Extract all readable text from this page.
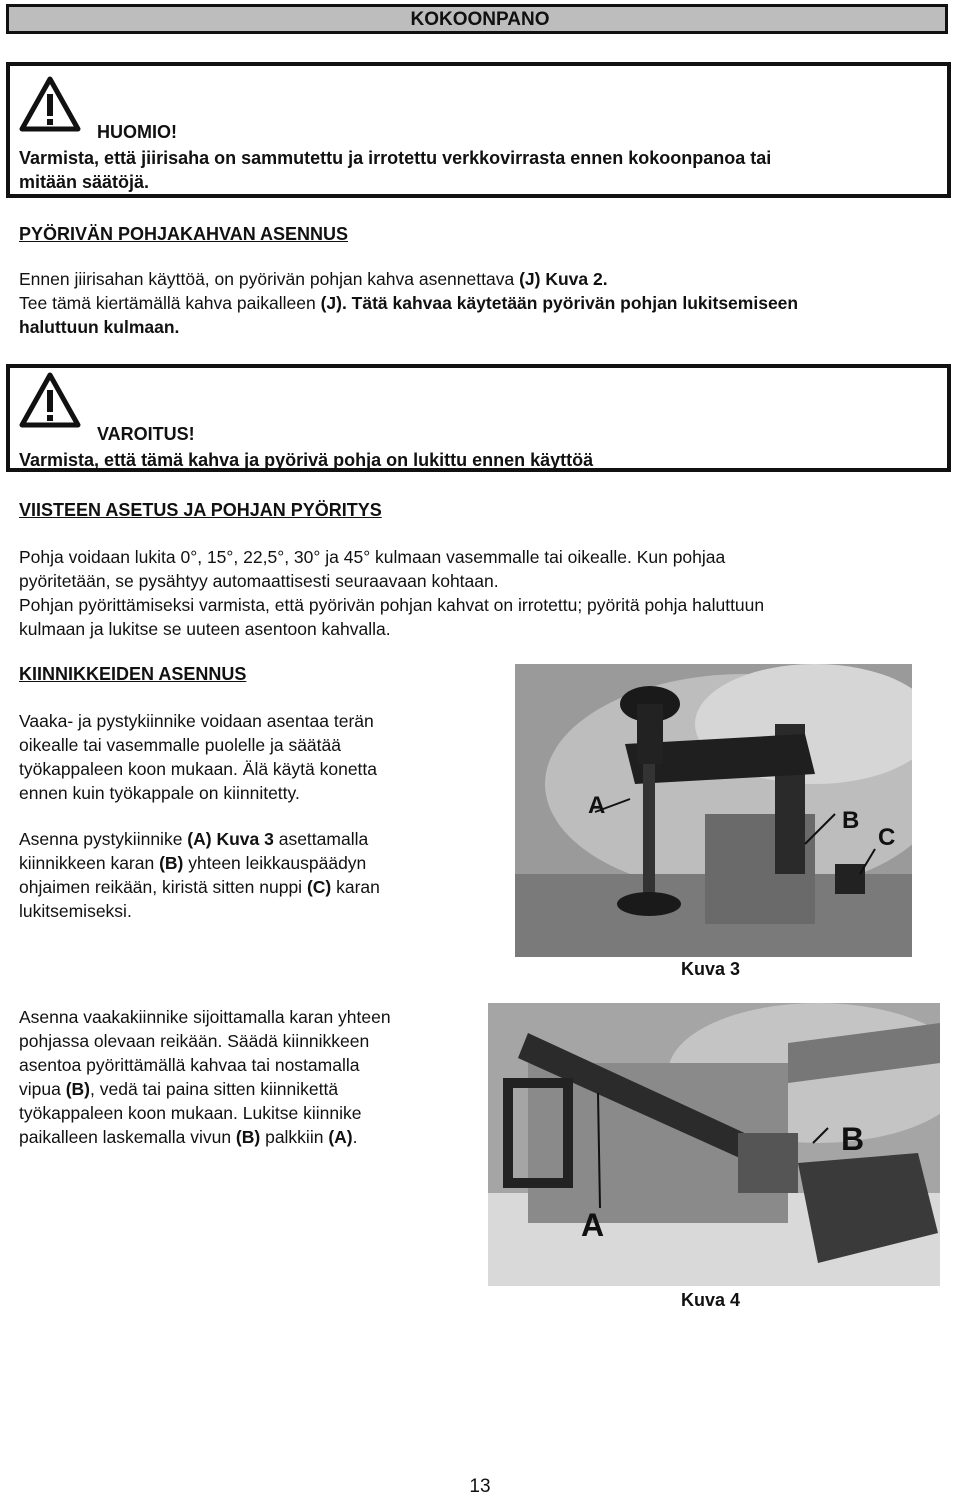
KOKOONPANO
HUOMIO!
Varmista, että jiirisaha on sammutettu ja irrotettu verkkovirrasta ennen kokoonpanoa tai
mitään säätöjä.
PYÖRIVÄN POHJAKAHVAN ASENNUS
Ennen jiirisahan käyttöä, on pyörivän pohjan kahva asennettava (J) Kuva 2.
Tee tämä kiertämällä kahva paikalleen (J). Tätä kahvaa käytetään pyörivän pohjan lukitsemiseen
haluttuun kulmaan.
VAROITUS!
Varmista, että tämä kahva ja pyörivä pohja on lukittu ennen käyttöä
VIISTEEN ASETUS JA POHJAN PYÖRITYS
Pohja voidaan lukita 0°, 15°, 22,5°, 30° ja 45° kulmaan vasemmalle tai oikealle. Kun pohjaa
pyöritetään, se pysähtyy automaattisesti seuraavaan kohtaan.
Pohjan pyörittämiseksi varmista, että pyörivän pohjan kahvat on irrotettu; pyöritä pohja haluttuun
kulmaan ja lukitse se uuteen asentoon kahvalla.
KIINNIKKEIDEN ASENNUS
Vaaka- ja pystykiinnike voidaan asentaa terän
oikealle tai vasemmalle puolelle ja säätää
työkappaleen koon mukaan. Älä käytä konetta
ennen kuin työkappale on kiinnitetty.
Asenna pystykiinnike (A) Kuva 3 asettamalla
kiinnikkeen karan (B) yhteen leikkauspäädyn
ohjaimen reikään, kiristä sitten nuppi (C) karan
lukitsemiseksi.
Asenna vaakakiinnike sijoittamalla karan yhteen
pohjassa olevaan reikään. Säädä kiinnikkeen
asentoa pyörittämällä kahvaa tai nostamalla
vipua (B), vedä tai paina sitten kiinnikettä
työkappaleen koon mukaan. Lukitse kiinnike
paikalleen laskemalla vivun (B) palkkiin (A).
A
B
C
Kuva 3
B
A
Kuva 4
13
